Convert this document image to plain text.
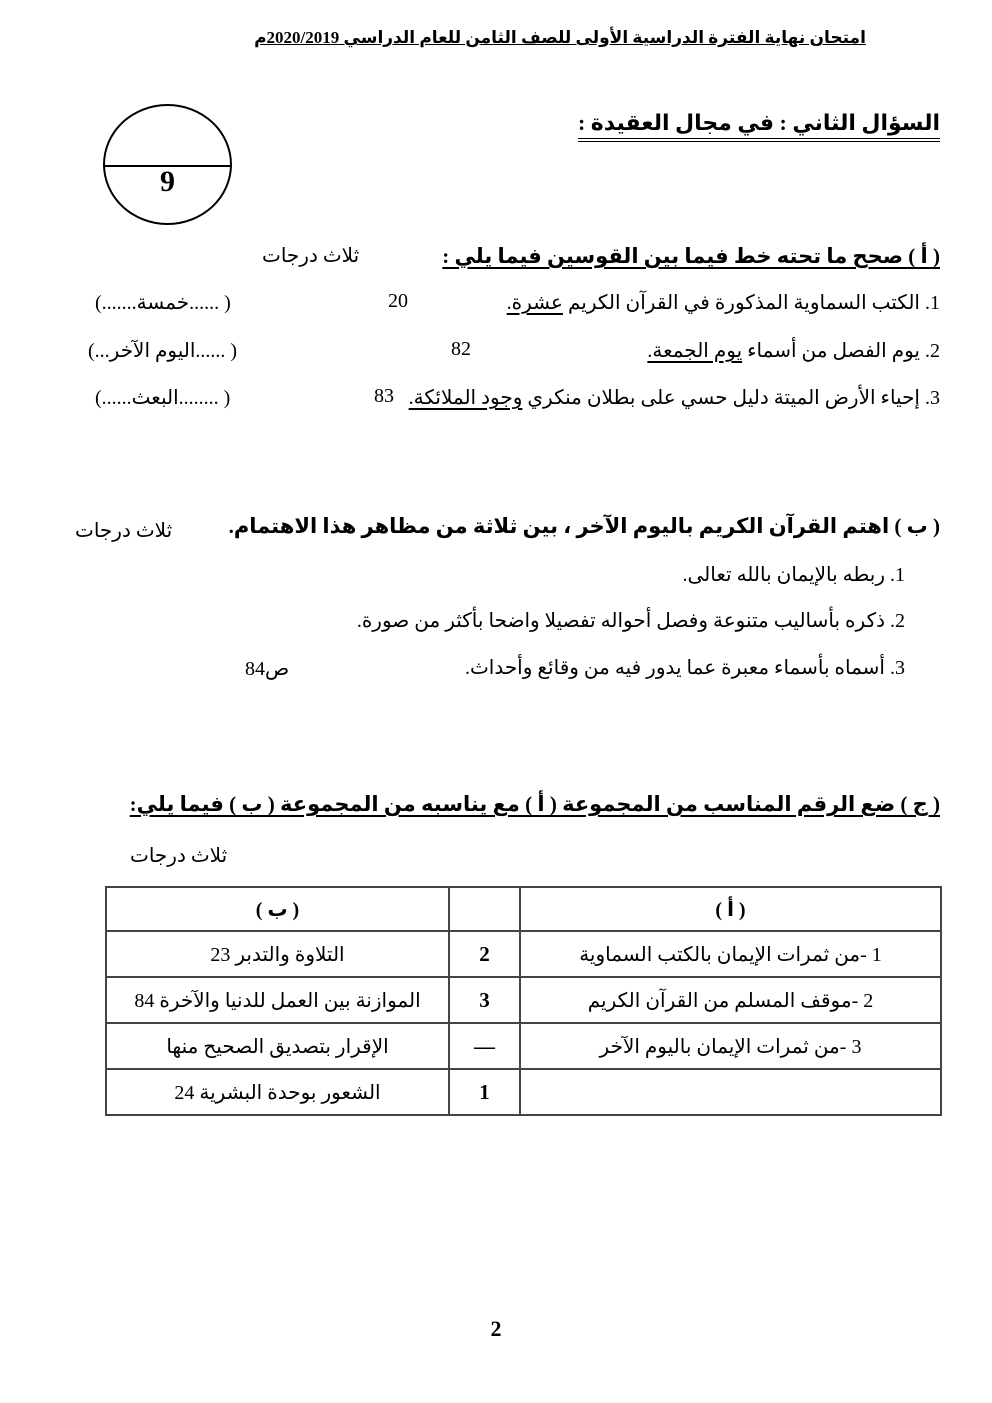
امتحان نهاية الفترة الدراسية الأولى للصف الثامن للعام الدراسي 2020/2019م
9
السؤال الثاني : في مجال العقيدة :
( أ ) صحح ما تحته خط فيما بين القوسين فيما يلي :
ثلاث درجات
1. الكتب السماوية المذكورة في القرآن الكريم عشرة.
20
( ......خمسة.......)
2. يوم الفصل من أسماء يوم الجمعة.
82
( ......اليوم الآخر...)
3. إحياء الأرض الميتة دليل حسي على بطلان منكري وجود الملائكة.
83
( ........البعث......)
( ب ) اهتم القرآن الكريم باليوم الآخر ، بين ثلاثة من مظاهر هذا الاهتمام.
ثلاث درجات
1. ربطه بالإيمان بالله تعالى.
2. ذكره بأساليب متنوعة وفصل أحواله تفصيلا واضحا بأكثر من صورة.
3. أسماه بأسماء معبرة عما يدور فيه من وقائع وأحداث.
ص84
( ج ) ضع الرقم المناسب من المجموعة ( أ ) مع يناسبه من المجموعة ( ب ) فيما يلي:
ثلاث درجات
( أ )		( ب )
1 -من ثمرات الإيمان بالكتب السماوية	2	التلاوة والتدبر 23
2 -موقف المسلم من القرآن الكريم	3	الموازنة بين العمل للدنيا والآخرة 84
3 -من ثمرات الإيمان باليوم الآخر	—	الإقرار بتصديق الصحيح منها
	1	الشعور بوحدة البشرية 24
2
